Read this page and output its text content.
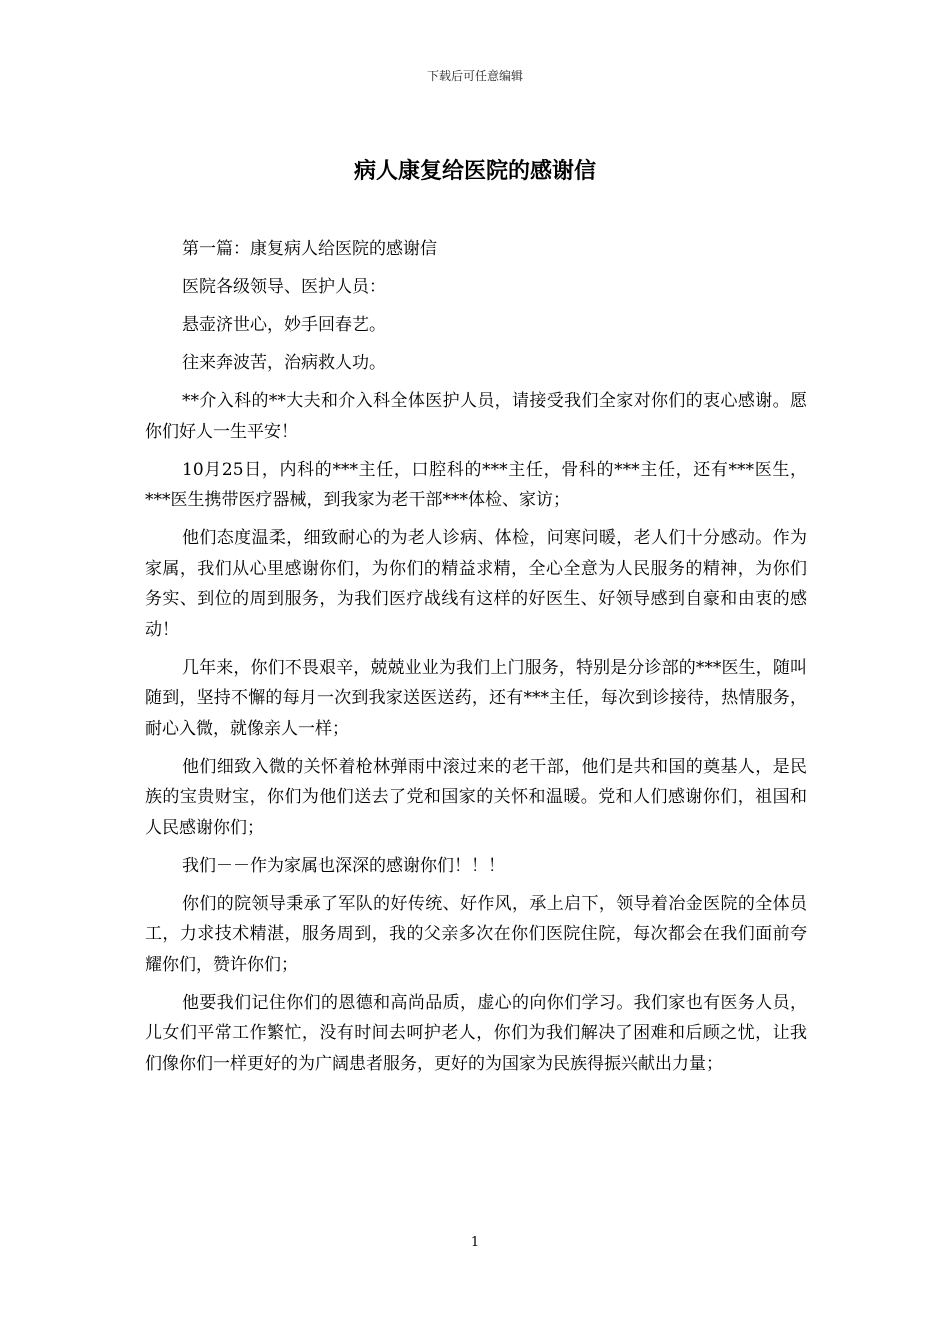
下载后可任意编辑
病人康复给医院的感谢信

第一篇：康复病人给医院的感谢信

医院各级领导、医护人员：

悬壶济世心，妙手回春艺。

往来奔波苦，治病救人功。

**介入科的**大夫和介入科全体医护人员，请接受我们全家对你们的衷心感谢。愿你们好人一生平安！

10月25日，内科的***主任，口腔科的***主任，骨科的***主任，还有***医生，***医生携带医疗器械，到我家为老干部***体检、家访；

他们态度温柔，细致耐心的为老人诊病、体检，问寒问暖，老人们十分感动。作为家属，我们从心里感谢你们，为你们的精益求精，全心全意为人民服务的精神，为你们务实、到位的周到服务，为我们医疗战线有这样的好医生、好领导感到自豪和由衷的感动！

几年来，你们不畏艰辛，兢兢业业为我们上门服务，特别是分诊部的***医生，随叫随到，坚持不懈的每月一次到我家送医送药，还有***主任，每次到诊接待，热情服务，耐心入微，就像亲人一样；

他们细致入微的关怀着枪林弹雨中滚过来的老干部，他们是共和国的奠基人，是民族的宝贵财宝，你们为他们送去了党和国家的关怀和温暖。党和人们感谢你们，祖国和人民感谢你们；

我们－－作为家属也深深的感谢你们！！！

你们的院领导秉承了军队的好传统、好作风，承上启下，领导着冶金医院的全体员工，力求技术精湛，服务周到，我的父亲多次在你们医院住院，每次都会在我们面前夸耀你们，赞许你们；

他要我们记住你们的恩德和高尚品质，虚心的向你们学习。我们家也有医务人员，儿女们平常工作繁忙，没有时间去呵护老人，你们为我们解决了困难和后顾之忧，让我们像你们一样更好的为广阔患者服务，更好的为国家为民族得振兴献出力量；

1
